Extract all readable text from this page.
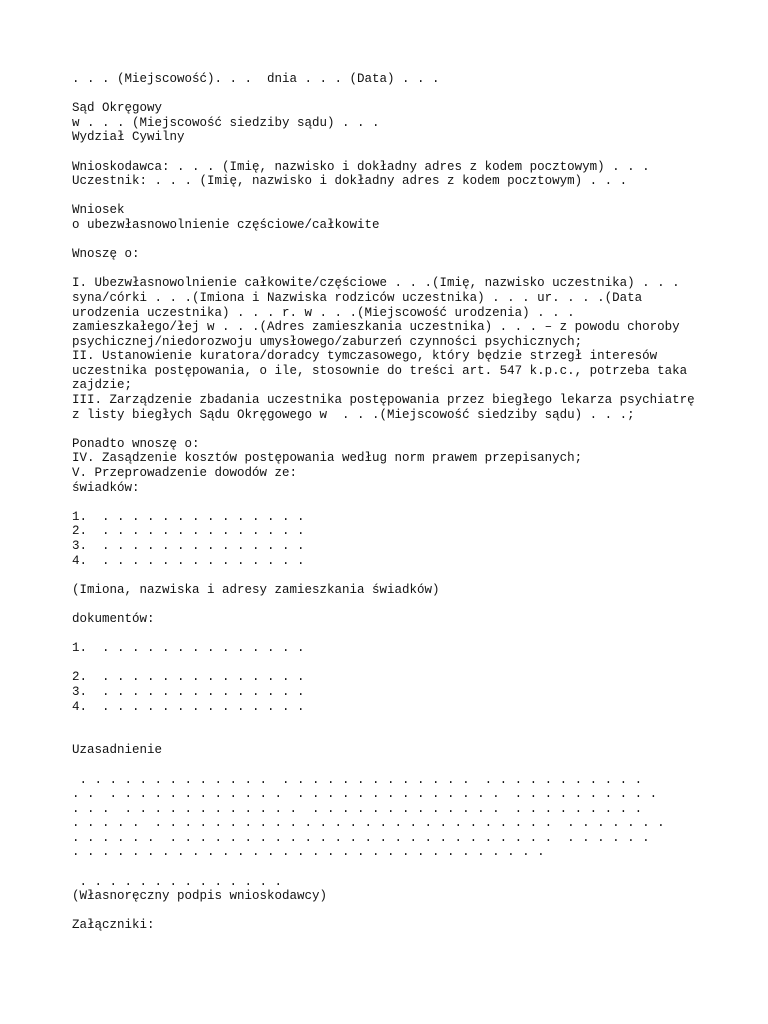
. . . (Miejscowość). . .  dnia . . . (Data) . . .
Sąd Okręgowy
w . . . (Miejscowość siedziby sądu) . . .
Wydział Cywilny
Wnioskodawca: . . . (Imię, nazwisko i dokładny adres z kodem pocztowym) . . .
Uczestnik: . . . (Imię, nazwisko i dokładny adres z kodem pocztowym) . . .
Wniosek
o ubezwłasnowolnienie częściowe/całkowite
Wnoszę o:
I. Ubezwłasnowolnienie całkowite/częściowe . . .(Imię, nazwisko uczestnika) . . .
syna/córki . . .(Imiona i Nazwiska rodziców uczestnika) . . . ur. . . .(Data
urodzenia uczestnika) . . . r. w . . .(Miejscowość urodzenia) . . .
zamieszkałego/łej w . . .(Adres zamieszkania uczestnika) . . . – z powodu choroby
psychicznej/niedorozwoju umysłowego/zaburzeń czynności psychicznych;
II. Ustanowienie kuratora/doradcy tymczasowego, który będzie strzegł interesów
uczestnika postępowania, o ile, stosownie do treści art. 547 k.p.c., potrzeba taka
zajdzie;
III. Zarządzenie zbadania uczestnika postępowania przez biegłego lekarza psychiatrę
z listy biegłych Sądu Okręgowego w  . . .(Miejscowość siedziby sądu) . . .;
Ponadto wnoszę o:
IV. Zasądzenie kosztów postępowania według norm prawem przepisanych;
V. Przeprowadzenie dowodów ze:
świadków:
1.  . . . . . . . . . . . . . .
2.  . . . . . . . . . . . . . .
3.  . . . . . . . . . . . . . .
4.  . . . . . . . . . . . . . .
(Imiona, nazwiska i adresy zamieszkania świadków)
dokumentów:
1.  . . . . . . . . . . . . . .
2.  . . . . . . . . . . . . . .
3.  . . . . . . . . . . . . . .
4.  . . . . . . . . . . . . . .
Uzasadnienie
. . . . . . . . . . . . .  . . . . . . . . . . . . .  . . . . . . . . . . .
. .  . . . . . . . . . . . .  . . . . . . . . . . . . . .  . . . . . . . . . .
. . .  . . . . . . . . . . . .  . . . . . . . . . . . . .  . . . . . . . . .
. . . . .  . . . . . . . . . . . . . . . . . . . . . . . . . . .  . . . . . . .
. . . . . .  . . . . . . . . . . . . . . . . . . . . . . . . . .  . . . . . .
. . . . . . . . . . . . . . . . . . . . . . . . . . . . . . . .
. . . . . . . . . . . . . .
(Własnoręczny podpis wnioskodawcy)
Załączniki:
